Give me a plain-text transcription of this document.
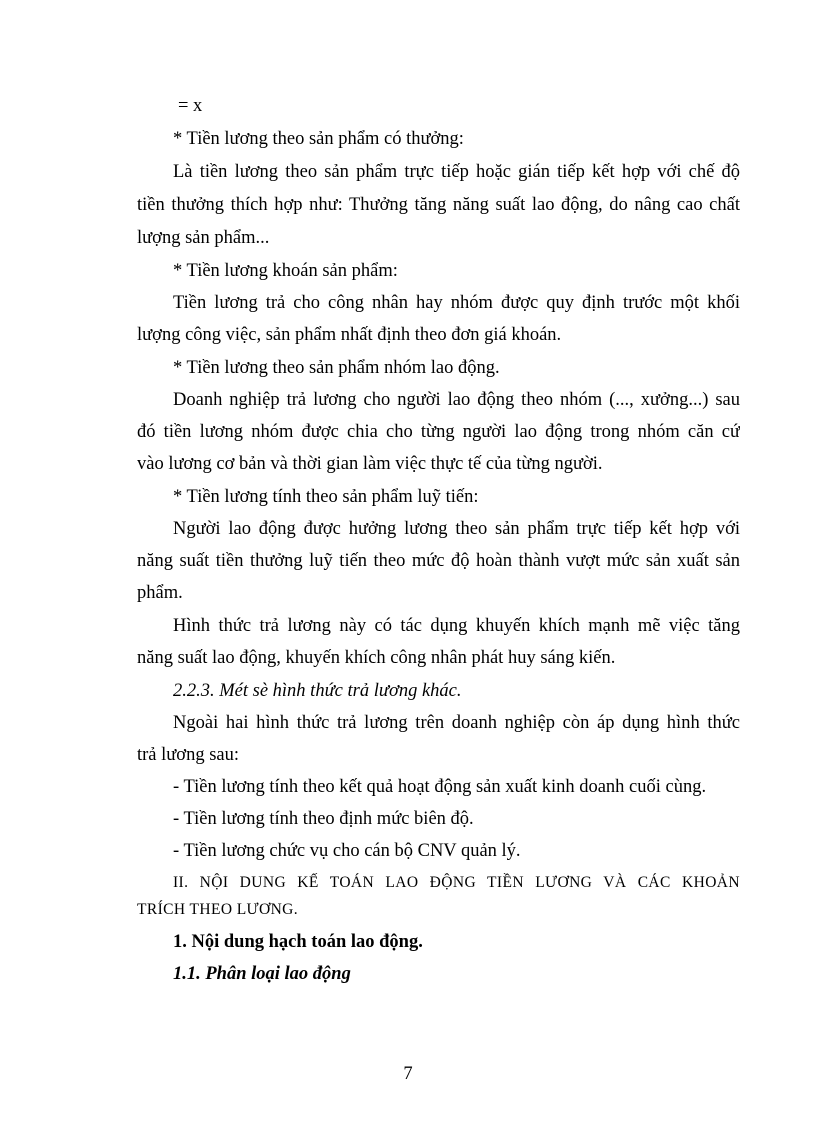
= x

* Tiền lương theo sản phẩm có thưởng:

Là tiền lương theo sản phẩm trực tiếp hoặc gián tiếp kết hợp với chế độ

tiền thưởng thích hợp như: Thưởng tăng năng suất lao động, do nâng cao chất

lượng sản phẩm...

* Tiền lương khoán sản phẩm:

Tiền lương trả cho công nhân hay nhóm được quy định trước một khối

lượng công việc, sản phẩm nhất định theo đơn giá khoán.

* Tiền lương theo sản phẩm nhóm lao động.

Doanh nghiệp trả lương cho người lao động theo nhóm (..., xưởng...) sau

đó tiền lương nhóm được chia cho từng người lao động trong nhóm căn cứ

vào lương cơ bản và thời gian làm việc thực tế của từng người.

* Tiền lương tính theo sản phẩm luỹ tiến:

Người lao động được hưởng lương theo sản phẩm trực tiếp kết hợp với

năng suất tiền thưởng luỹ tiến theo mức độ hoàn thành vượt mức sản xuất sản

phẩm.

Hình thức trả lương này có tác dụng khuyến khích mạnh mẽ việc tăng

năng suất lao động, khuyến khích công nhân phát huy sáng kiến.

2.2.3. Mét sè hình thức trả lương khác.

Ngoài hai hình thức trả lương trên doanh nghiệp còn áp dụng hình thức

trả lương sau:

- Tiền lương tính theo kết quả hoạt động sản xuất kinh doanh cuối cùng.

- Tiền lương tính theo định mức biên độ.

- Tiền lương chức vụ cho cán bộ CNV quản lý.

II. NỘI DUNG KẾ TOÁN LAO ĐỘNG TIỀN LƯƠNG VÀ CÁC KHOẢN

TRÍCH THEO LƯƠNG.

1. Nội dung hạch toán lao động.

1.1. Phân loại lao động

7
